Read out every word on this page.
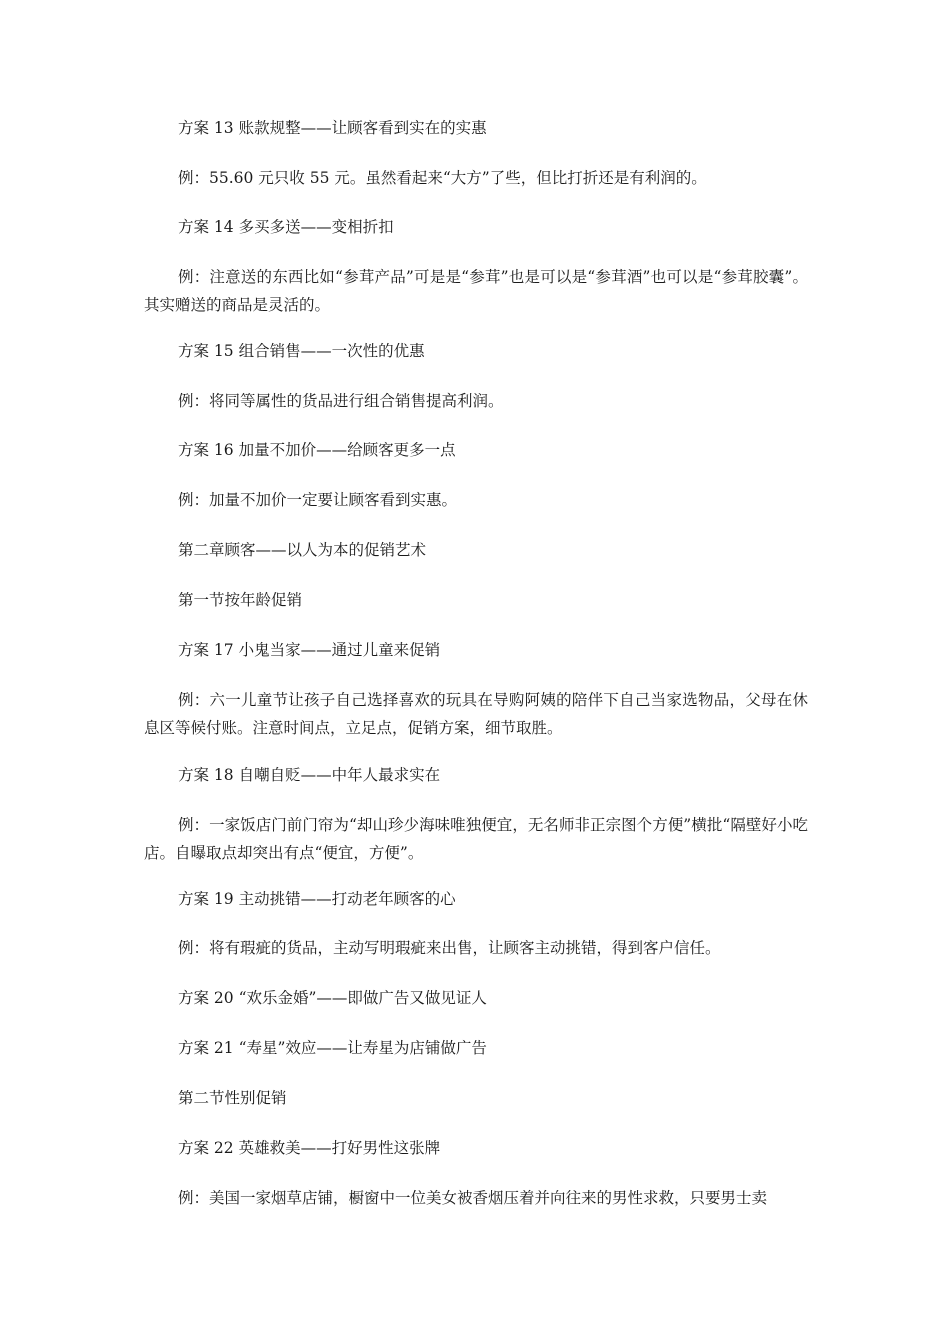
方案 13 账款规整——让顾客看到实在的实惠

例：55.60 元只收 55 元。虽然看起来“大方”了些，但比打折还是有利润的。

方案 14 多买多送——变相折扣

例：注意送的东西比如“参茸产品”可是是“参茸”也是可以是“参茸酒”也可以是“参茸胶囊”。其实赠送的商品是灵活的。

方案 15 组合销售——一次性的优惠

例：将同等属性的货品进行组合销售提高利润。

方案 16 加量不加价——给顾客更多一点

例：加量不加价一定要让顾客看到实惠。

第二章顾客——以人为本的促销艺术

第一节按年龄促销

方案 17 小鬼当家——通过儿童来促销

例：六一儿童节让孩子自己选择喜欢的玩具在导购阿姨的陪伴下自己当家选物品，父母在休息区等候付账。注意时间点，立足点，促销方案，细节取胜。

方案 18 自嘲自贬——中年人最求实在

例：一家饭店门前门帘为“却山珍少海味唯独便宜，无名师非正宗图个方便”横批“隔壁好小吃店。自曝取点却突出有点“便宜，方便”。

方案 19 主动挑错——打动老年顾客的心

例：将有瑕疵的货品，主动写明瑕疵来出售，让顾客主动挑错，得到客户信任。

方案 20 “欢乐金婚”——即做广告又做见证人

方案 21 “寿星”效应——让寿星为店铺做广告

第二节性别促销

方案 22 英雄救美——打好男性这张牌

例：美国一家烟草店铺，橱窗中一位美女被香烟压着并向往来的男性求救，只要男士卖
